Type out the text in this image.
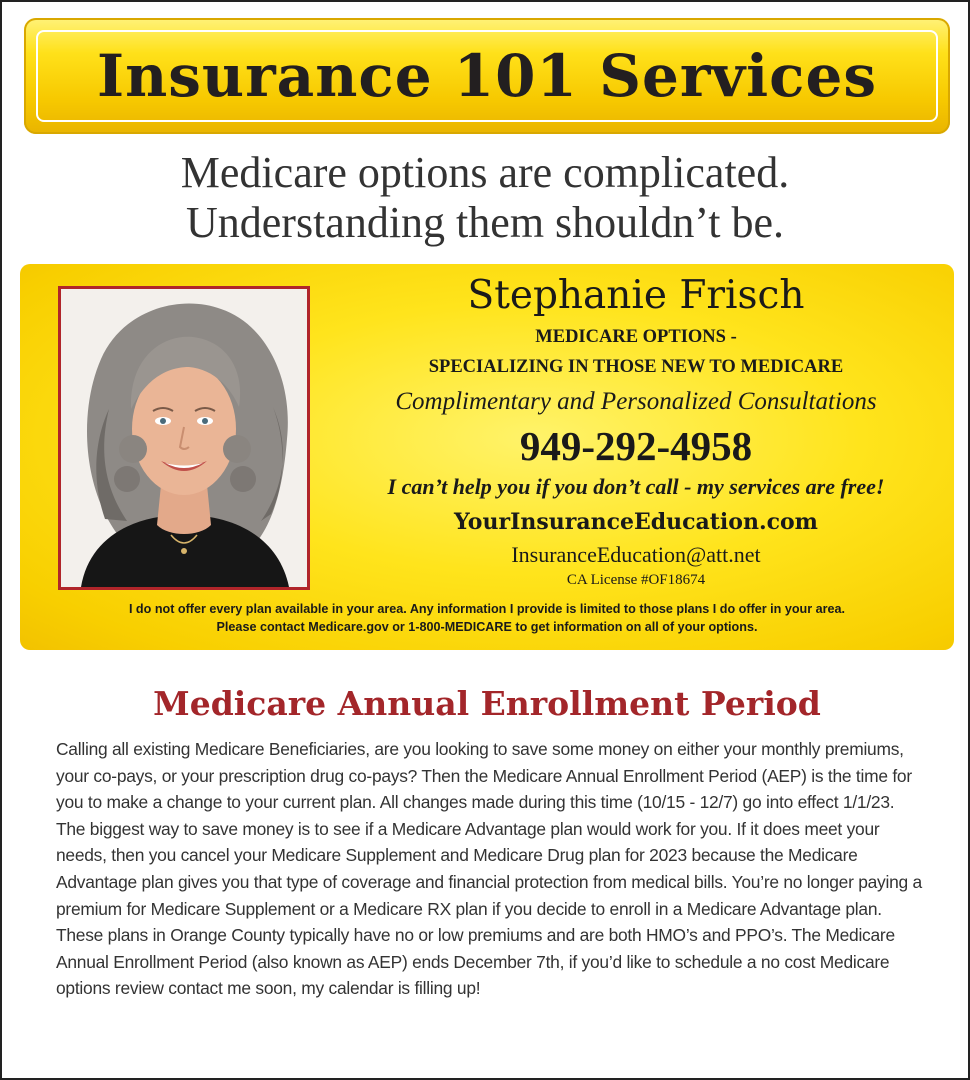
Insurance 101 Services
Medicare options are complicated.
Understanding them shouldn’t be.
Stephanie Frisch
MEDICARE OPTIONS -
SPECIALIZING IN THOSE NEW TO MEDICARE
Complimentary and Personalized Consultations
949-292-4958
I can’t help you if you don’t call - my services are free!
YourInsuranceEducation.com
InsuranceEducation@att.net
CA License #OF18674
I do not offer every plan available in your area. Any information I provide is limited to those plans I do offer in your area.
Please contact Medicare.gov or 1-800-MEDICARE to get information on all of your options.
Medicare Annual Enrollment Period
Calling all existing Medicare Beneficiaries, are you looking to save some money on either your monthly premiums, your co-pays, or your prescription drug co-pays? Then the Medicare Annual Enrollment Period (AEP) is the time for you to make a change to your current plan. All changes made during this time (10/15 - 12/7) go into effect 1/1/23. The biggest way to save money is to see if a Medicare Advantage plan would work for you. If it does meet your needs, then you cancel your Medicare Supplement and Medicare Drug plan for 2023 because the Medicare Advantage plan gives you that type of coverage and financial protection from medical bills. You’re no longer paying a premium for Medicare Supplement or a Medicare RX plan if you decide to enroll in a Medicare Advantage plan. These plans in Orange County typically have no or low premiums and are both HMO’s and PPO’s. The Medicare Annual Enrollment Period (also known as AEP) ends December 7th, if you’d like to schedule a no cost Medicare options review contact me soon, my calendar is filling up!
